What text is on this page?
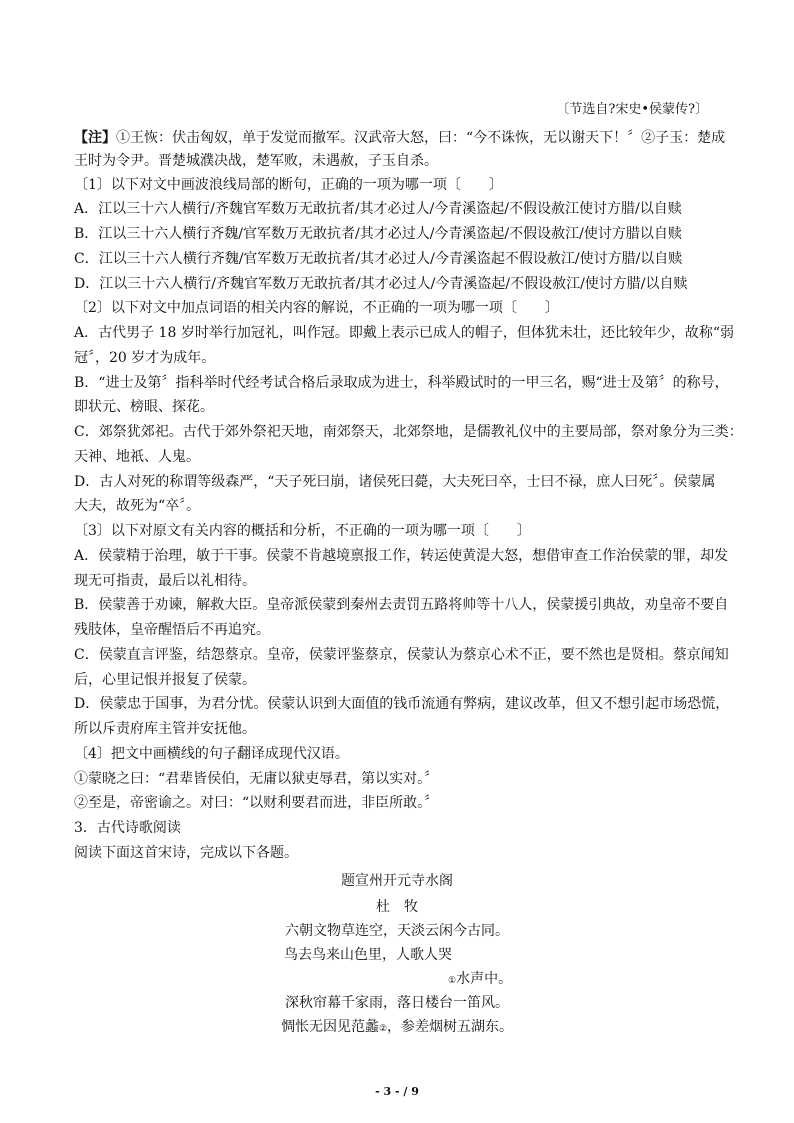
〔节选自?宋史•侯蒙传?〕
【注】①王恢：伏击匈奴，单于发觉而撤军。汉武帝大怒，曰：“今不诛恢，无以谢天下！〞②子玉：楚成
王时为令尹。晋楚城濮决战，楚军败，未遇赦，子玉自杀。
〔1〕以下对文中画波浪线局部的断句，正确的一项为哪一项〔　　〕
A．江以三十六人横行/齐魏官军数万无敢抗者/其才必过人/今青溪盗起/不假设赦江使讨方腊/以自赎
B．江以三十六人横行齐魏/官军数万无敢抗者/其才必过人/今青溪盗起/不假设赦江/使讨方腊以自赎
C．江以三十六人横行齐魏/官军数万无敢抗者/其才必过人/今青溪盗起不假设赦江/使讨方腊/以自赎
D．江以三十六人横行/齐魏官军数万无敢抗者/其才必过人/今青溪盗起/不假设赦江/使讨方腊/以自赎
〔2〕以下对文中加点词语的相关内容的解说，不正确的一项为哪一项〔　　〕
A．古代男子 18 岁时举行加冠礼，叫作冠。即戴上表示已成人的帽子，但体犹未壮，还比较年少，故称“弱
冠〞，20 岁才为成年。
B．“进士及第〞指科举时代经考试合格后录取成为进士，科举殿试时的一甲三名，赐“进士及第〞的称号，
即状元、榜眼、探花。
C．郊祭犹郊祀。古代于郊外祭祀天地，南郊祭天，北郊祭地，是儒教礼仪中的主要局部，祭对象分为三类：
天神、地祇、人鬼。
D．古人对死的称谓等级森严，“天子死曰崩，诸侯死曰薨，大夫死曰卒，士曰不禄，庶人曰死〞。侯蒙属
大夫，故死为“卒〞。
〔3〕以下对原文有关内容的概括和分析，不正确的一项为哪一项〔　　〕
A．侯蒙精于治理，敏于干事。侯蒙不肯越境禀报工作，转运使黄湜大怒，想借审查工作治侯蒙的罪，却发
现无可指责，最后以礼相待。
B．侯蒙善于劝谏，解救大臣。皇帝派侯蒙到秦州去责罚五路将帅等十八人，侯蒙援引典故，劝皇帝不要自
残肢体，皇帝醒悟后不再追究。
C．侯蒙直言评鉴，结怨蔡京。皇帝，侯蒙评鉴蔡京，侯蒙认为蔡京心术不正，要不然也是贤相。蔡京闻知
后，心里记恨并报复了侯蒙。
D．侯蒙忠于国事，为君分忧。侯蒙认识到大面值的钱币流通有弊病，建议改革，但又不想引起市场恐慌，
所以斥责府库主管并安抚他。
〔4〕把文中画横线的句子翻译成现代汉语。
①蒙晓之曰：“君辈皆侯伯，无庸以狱吏辱君，第以实对。〞
②至是，帝密谕之。对曰：“以财利要君而进，非臣所敢。〞
3．古代诗歌阅读
阅读下面这首宋诗，完成以下各题。
题宣州开元寺水阁
杜　牧
六朝文物草连空，天淡云闲今古同。
鸟去鸟来山色里，人歌人哭
①水声中。
深秋帘幕千家雨，落日楼台一笛风。
惆怅无因见范蠡②，参差烟树五湖东。
- 3 - / 9
